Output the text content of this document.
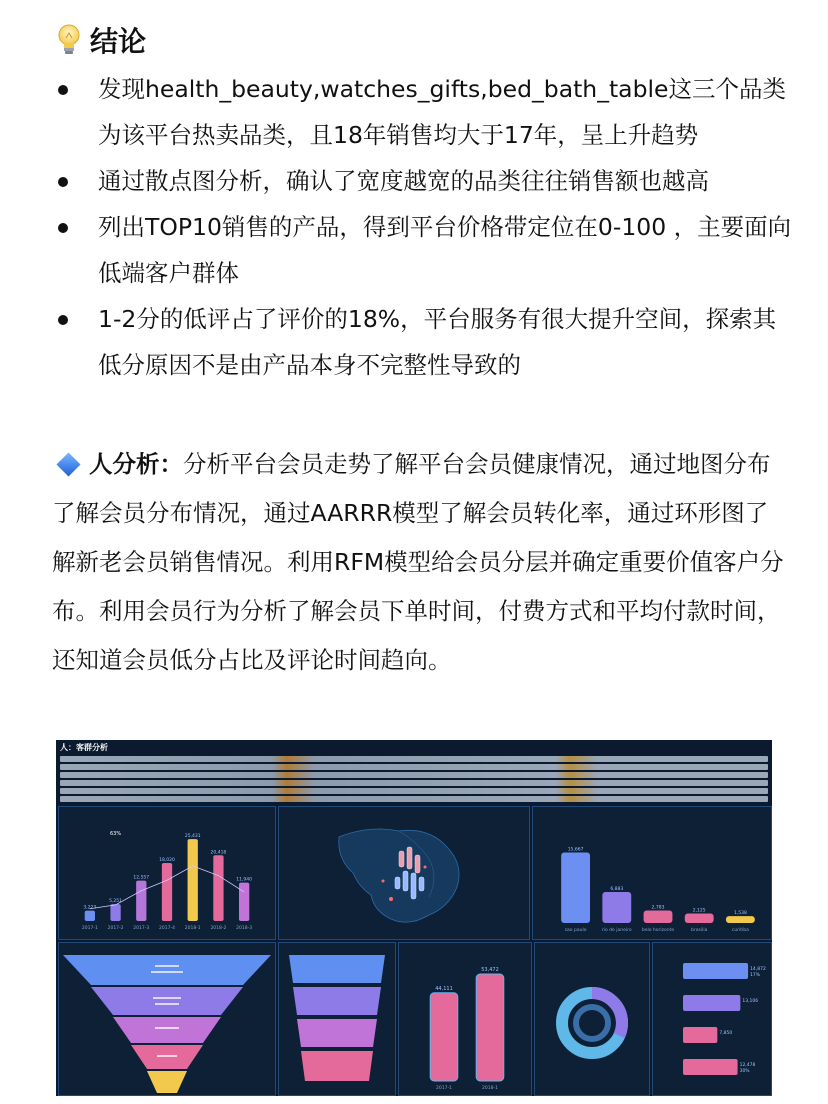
结论
发现health_beauty,watches_gifts,bed_bath_table这三个品类为该平台热卖品类，且18年销售均大于17年，呈上升趋势
通过散点图分析，确认了宽度越宽的品类往往销售额也越高
列出TOP10销售的产品，得到平台价格带定位在0-100 ，主要面向低端客户群体
1-2分的低评占了评价的18%，平台服务有很大提升空间，探索其低分原因不是由产品本身不完整性导致的
人分析：分析平台会员走势了解平台会员健康情况，通过地图分布了解会员分布情况，通过AARRR模型了解会员转化率，通过环形图了解新老会员销售情况。利用RFM模型给会员分层并确定重要价值客户分布。利用会员行为分析了解会员下单时间，付费方式和平均付款时间，还知道会员低分占比及评论时间趋向。
人：客群分析
3,223
2017-1
5,251
2017-2
63%
12,557
2017-3
18,020
2017-4
25,431
2018-1
20,418
2018-2
11,940
2018-3
15,667
sao paulo
6,883
rio de janeiro
2,783
belo horizonte
2,125
brasilia
1,538
curitiba
44,111
2017-1
53,472
2018-1
14,872
17%
13,106
7,850
12,478
30%
